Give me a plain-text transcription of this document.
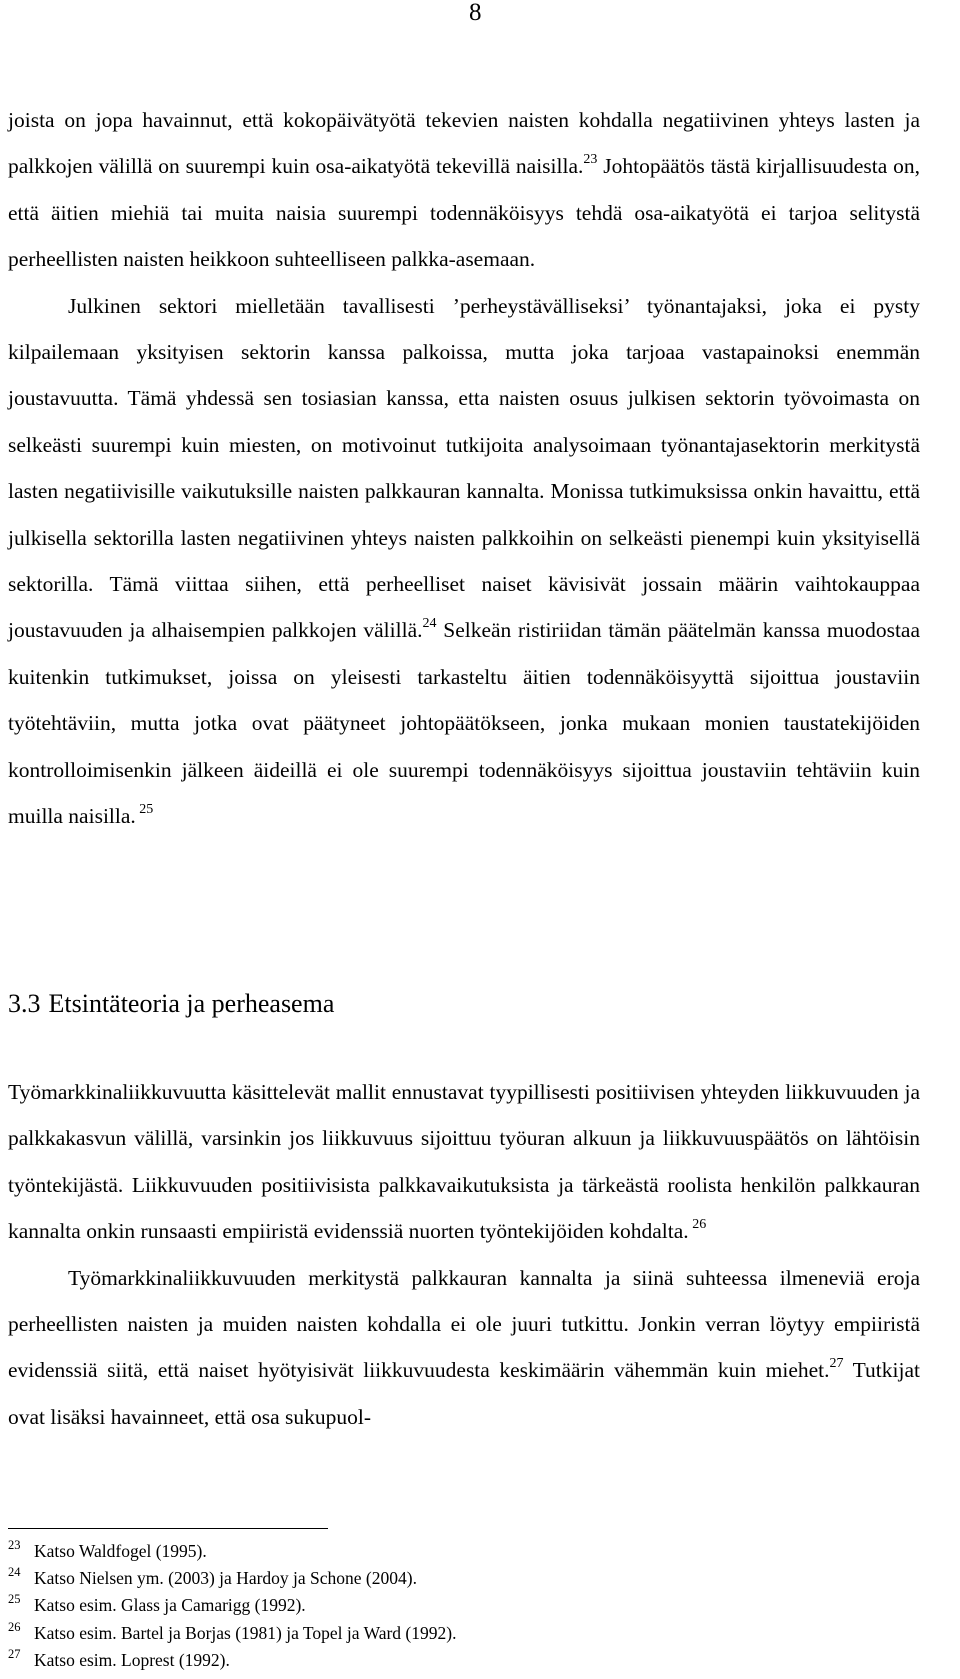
8

joista on jopa havainnut, että kokopäivätyötä tekevien naisten kohdalla negatiivinen yhteys lasten ja palkkojen välillä on suurempi kuin osa-aikatyötä tekevillä naisilla.$^{23}$ Johtopäätös tästä kirjallisuudesta on, että äitien miehiä tai muita naisia suurempi todennäköisyys tehdä osa-aikatyötä ei tarjoa selitystä perheellisten naisten heikkoon suhteelliseen palkka-asemaan.

Julkinen sektori mielletään tavallisesti ’perheystävälliseksi’ työnantajaksi, joka ei pysty kilpailemaan yksityisen sektorin kanssa palkoissa, mutta joka tarjoaa vastapainoksi enemmän joustavuutta. Tämä yhdessä sen tosiasian kanssa, etta naisten osuus julkisen sektorin työvoimasta on selkeästi suurempi kuin miesten, on motivoinut tutkijoita analysoimaan työnantajasektorin merkitystä lasten negatiivisille vaikutuksille naisten palkkauran kannalta. Monissa tutkimuksissa onkin havaittu, että julkisella sektorilla lasten negatiivinen yhteys naisten palkkoihin on selkeästi pienempi kuin yksityisellä sektorilla. Tämä viittaa siihen, että perheelliset naiset kävisivät jossain määrin vaihtokauppaa joustavuuden ja alhaisempien palkkojen välillä.$^{24}$ Selkeän ristiriidan tämän päätelmän kanssa muodostaa kuitenkin tutkimukset, joissa on yleisesti tarkasteltu äitien todennäköisyyttä sijoittua joustaviin työtehtäviin, mutta jotka ovat päätyneet johtopäätökseen, jonka mukaan monien taustatekijöiden kontrolloimisenkin jälkeen äideillä ei ole suurempi todennäköisyys sijoittua joustaviin tehtäviin kuin muilla naisilla. $^{25}$

3.3 Etsintäteoria ja perheasema

Työmarkkinaliikkuvuutta käsittelevät mallit ennustavat tyypillisesti positiivisen yhteyden liikkuvuuden ja palkkakasvun välillä, varsinkin jos liikkuvuus sijoittuu työuran alkuun ja liikkuvuuspäätös on lähtöisin työntekijästä. Liikkuvuuden positiivisista palkkavaikutuksista ja tärkeästä roolista henkilön palkkauran kannalta onkin runsaasti empiiristä evidenssiä nuorten työntekijöiden kohdalta. $^{26}$

Työmarkkinaliikkuvuuden merkitystä palkkauran kannalta ja siinä suhteessa ilmeneviä eroja perheellisten naisten ja muiden naisten kohdalla ei ole juuri tutkittu. Jonkin verran löytyy empiiristä evidenssiä siitä, että naiset hyötyisivät liikkuvuudesta keskimäärin vähemmän kuin miehet.$^{27}$ Tutkijat ovat lisäksi havainneet, että osa sukupuol-

23 Katso Waldfogel (1995).
24 Katso Nielsen ym. (2003) ja Hardoy ja Schone (2004).
25 Katso esim. Glass ja Camarigg (1992).
26 Katso esim. Bartel ja Borjas (1981) ja Topel ja Ward (1992).
27 Katso esim. Loprest (1992).
